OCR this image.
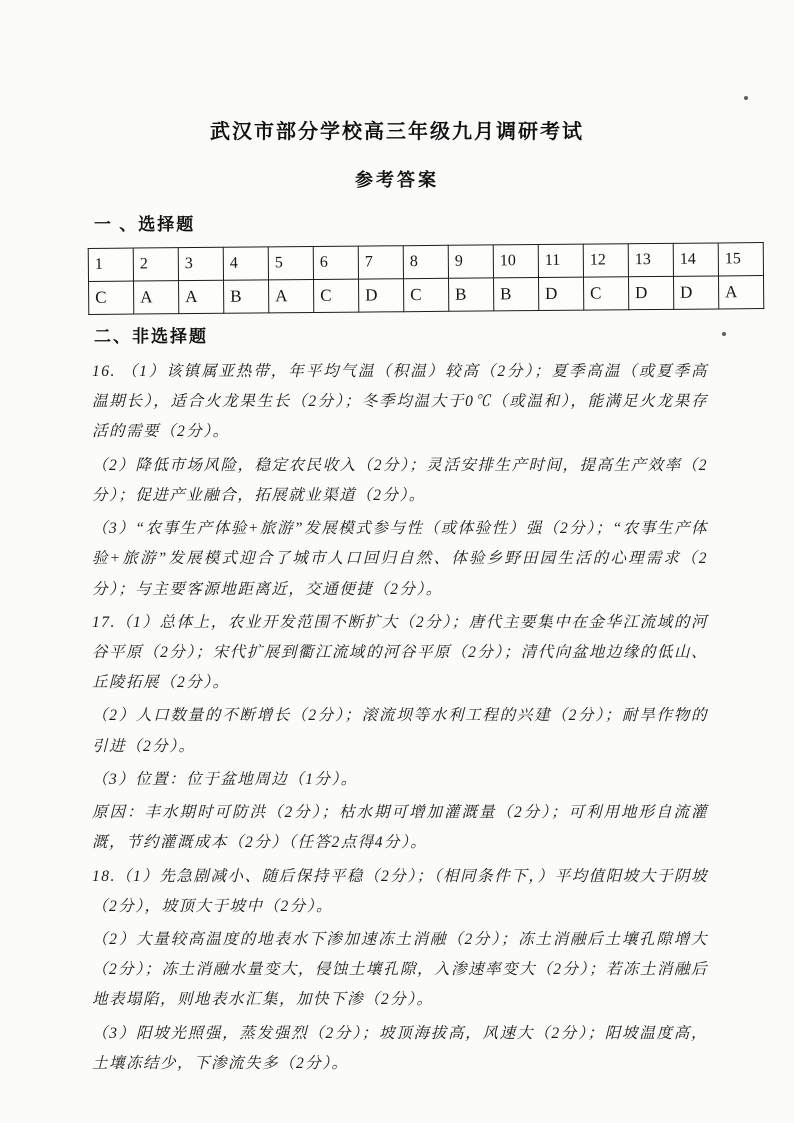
武汉市部分学校高三年级九月调研考试
参考答案
一 、选择题
1	2	3	4	5	6	7	8	9	10	11	12	13	14	15
C	A	A	B	A	C	D	C	B	B	D	C	D	D	A
二、非选择题

16. （1）该镇属亚热带，年平均气温（积温）较高（2分）；夏季高温（或夏季高温期长），适合火龙果生长（2分）；冬季均温大于0℃（或温和），能满足火龙果存活的需要（2分）。

（2）降低市场风险，稳定农民收入（2分）；灵活安排生产时间，提高生产效率（2分）；促进产业融合，拓展就业渠道（2分）。

（3）“农事生产体验+旅游”发展模式参与性（或体验性）强（2分）；“农事生产体验+旅游”发展模式迎合了城市人口回归自然、体验乡野田园生活的心理需求（2分）；与主要客源地距离近，交通便捷（2分）。

17.（1）总体上，农业开发范围不断扩大（2分）；唐代主要集中在金华江流域的河谷平原（2分）；宋代扩展到衢江流域的河谷平原（2分）；清代向盆地边缘的低山、丘陵拓展（2分）。

（2）人口数量的不断增长（2分）；滚流坝等水利工程的兴建（2分）；耐旱作物的引进（2分）。

（3）位置：位于盆地周边（1分）。

原因：丰水期时可防洪（2分）；枯水期可增加灌溉量（2分）；可利用地形自流灌溉，节约灌溉成本（2分）（任答2点得4分）。

18.（1）先急剧减小、随后保持平稳（2分）；（相同条件下，）平均值阳坡大于阴坡（2分），坡顶大于坡中（2分）。

（2）大量较高温度的地表水下渗加速冻土消融（2分）；冻土消融后土壤孔隙增大（2分）；冻土消融水量变大，侵蚀土壤孔隙，入渗速率变大（2分）；若冻土消融后地表塌陷，则地表水汇集，加快下渗（2分）。

（3）阳坡光照强，蒸发强烈（2分）；坡顶海拔高，风速大（2分）；阳坡温度高，土壤冻结少，下渗流失多（2分）。
